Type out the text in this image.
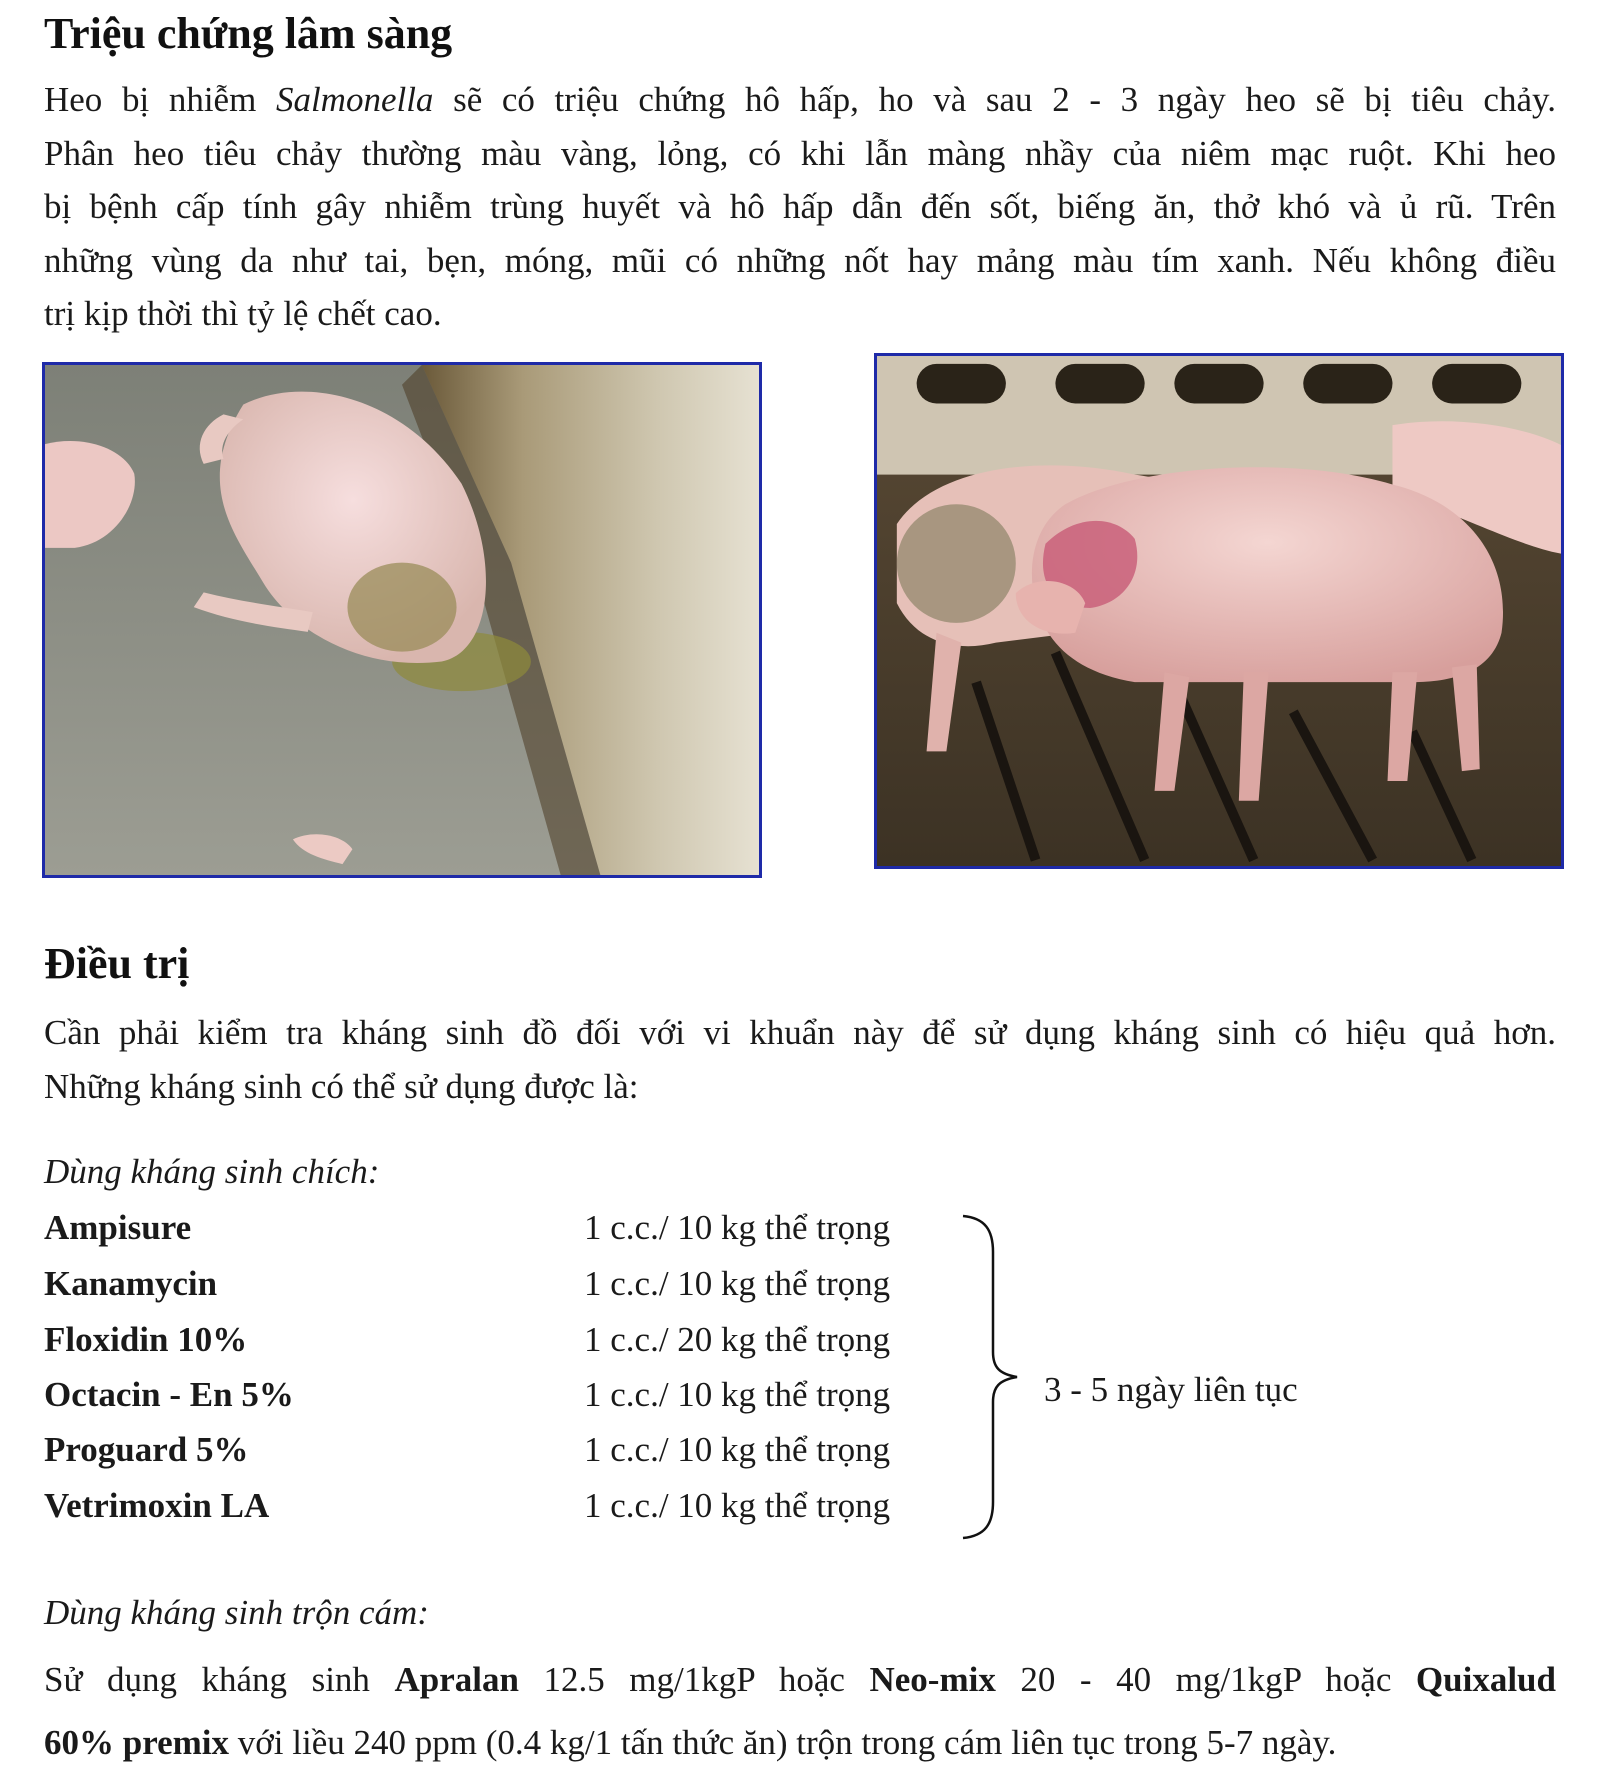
Triệu chứng lâm sàng

Heo bị nhiễm Salmonella sẽ có triệu chứng hô hấp, ho và sau 2 - 3 ngày heo sẽ bị tiêu chảy.
Phân heo tiêu chảy thường màu vàng, lỏng, có khi lẫn màng nhầy của niêm mạc ruột. Khi heo
bị bệnh cấp tính gây nhiễm trùng huyết và hô hấp dẫn đến sốt, biếng ăn, thở khó và ủ rũ. Trên
những vùng da như tai, bẹn, móng, mũi có những nốt hay mảng màu tím xanh. Nếu không điều
trị kịp thời thì tỷ lệ chết cao.

Điều trị

Cần phải kiểm tra kháng sinh đồ đối với vi khuẩn này để sử dụng kháng sinh có hiệu quả hơn.
Những kháng sinh có thể sử dụng được là:

Dùng kháng sinh chích:

Ampisure	1 c.c./ 10 kg thể trọng
Kanamycin	1 c.c./ 10 kg thể trọng
Floxidin 10%	1 c.c./ 20 kg thể trọng
Octacin - En 5%	1 c.c./ 10 kg thể trọng
Proguard 5%	1 c.c./ 10 kg thể trọng
Vetrimoxin LA	1 c.c./ 10 kg thể trọng
3 - 5 ngày liên tục

Dùng kháng sinh trộn cám:

Sử dụng kháng sinh Apralan 12.5 mg/1kgP hoặc Neo-mix 20 - 40 mg/1kgP hoặc Quixalud
60% premix với liều 240 ppm (0.4 kg/1 tấn thức ăn) trộn trong cám liên tục trong 5-7 ngày.
